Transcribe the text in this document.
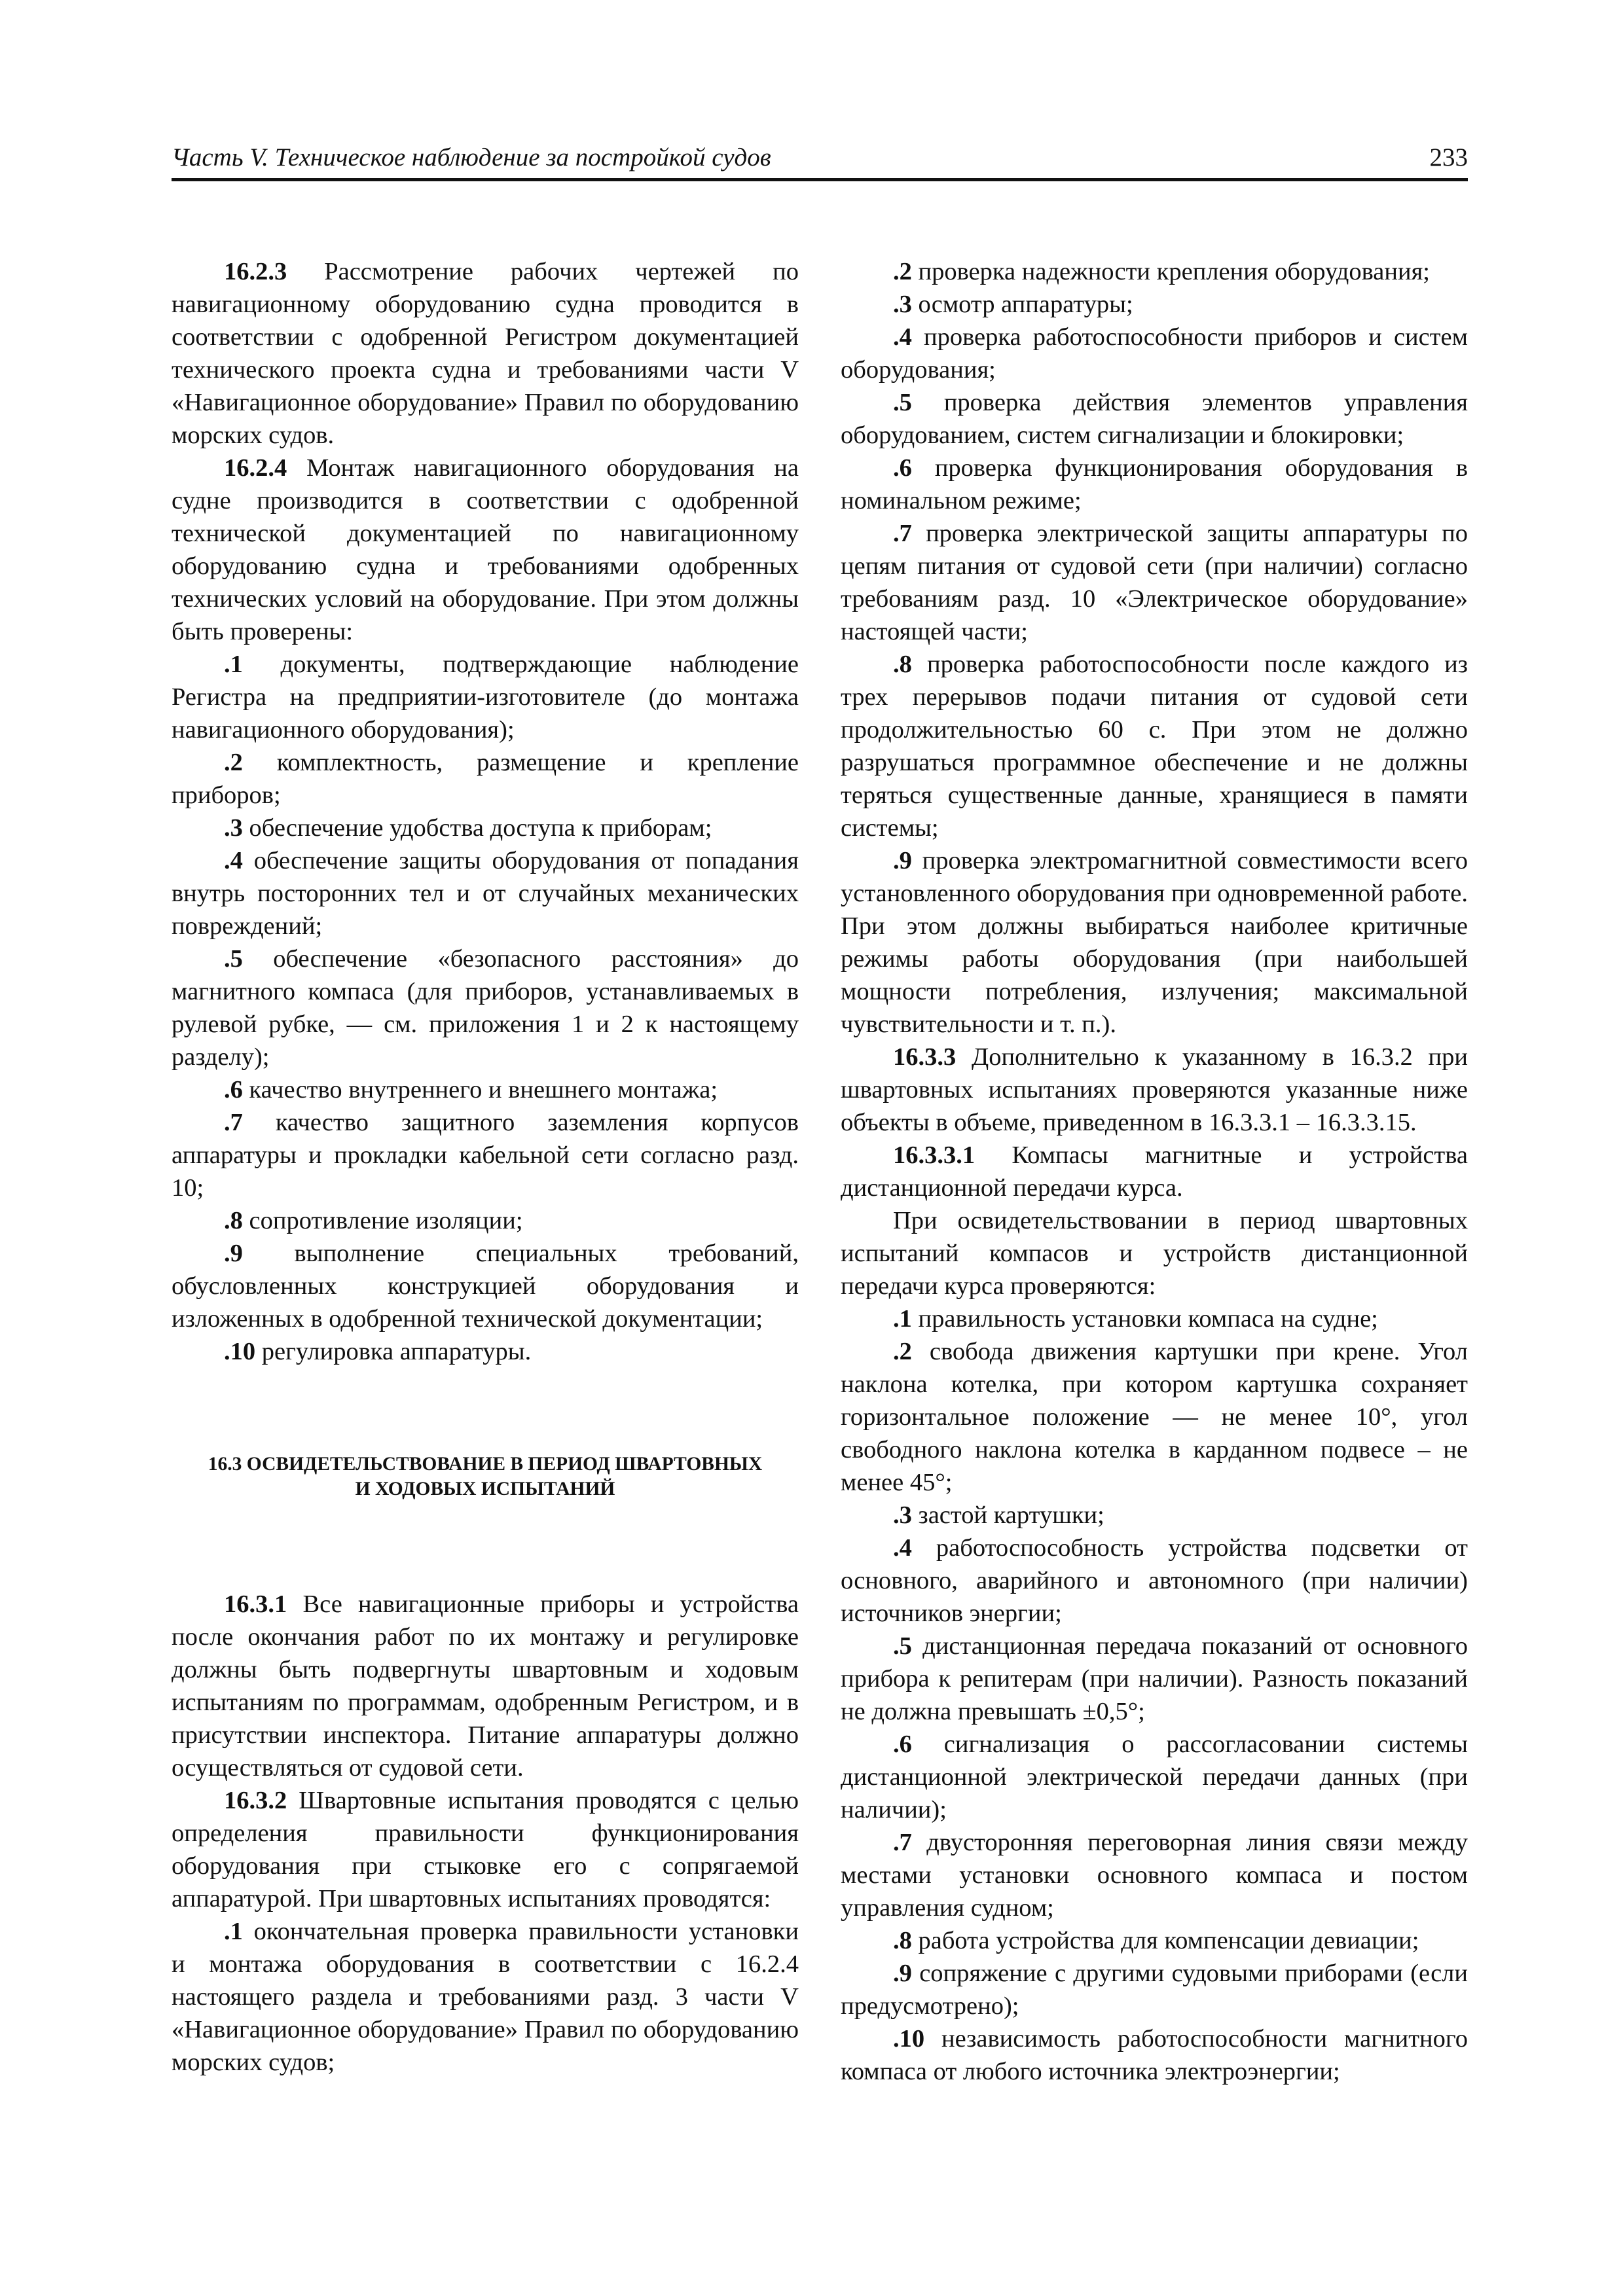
Часть V. Техническое наблюдение за постройкой судов	233

16.2.3 Рассмотрение рабочих чертежей по навигационному оборудованию судна проводится в соответствии с одобренной Регистром документацией технического проекта судна и требованиями части V «Навигационное оборудование» Правил по оборудованию морских судов.

16.2.4 Монтаж навигационного оборудования на судне производится в соответствии с одобренной технической документацией по навигационному оборудованию судна и требованиями одобренных технических условий на оборудование. При этом должны быть проверены:

.1 документы, подтверждающие наблюдение Регистра на предприятии-изготовителе (до монтажа навигационного оборудования);

.2 комплектность, размещение и крепление приборов;

.3 обеспечение удобства доступа к приборам;

.4 обеспечение защиты оборудования от попадания внутрь посторонних тел и от случайных механических повреждений;

.5 обеспечение «безопасного расстояния» до магнитного компаса (для приборов, устанавливаемых в рулевой рубке, — см. приложения 1 и 2 к настоящему разделу);

.6 качество внутреннего и внешнего монтажа;

.7 качество защитного заземления корпусов аппаратуры и прокладки кабельной сети согласно разд. 10;

.8 сопротивление изоляции;

.9 выполнение специальных требований, обусловленных конструкцией оборудования и изложенных в одобренной технической документации;

.10 регулировка аппаратуры.

16.3 ОСВИДЕТЕЛЬСТВОВАНИЕ В ПЕРИОД ШВАРТОВНЫХ
И ХОДОВЫХ ИСПЫТАНИЙ

16.3.1 Все навигационные приборы и устройства после окончания работ по их монтажу и регулировке должны быть подвергнуты швартовным и ходовым испытаниям по программам, одобренным Регистром, и в присутствии инспектора. Питание аппаратуры должно осуществляться от судовой сети.

16.3.2 Швартовные испытания проводятся с целью определения правильности функционирования оборудования при стыковке его с сопрягаемой аппаратурой. При швартовных испытаниях проводятся:

.1 окончательная проверка правильности установки и монтажа оборудования в соответствии с 16.2.4 настоящего раздела и требованиями разд. 3 части V «Навигационное оборудование» Правил по оборудованию морских судов;

.2 проверка надежности крепления оборудования;

.3 осмотр аппаратуры;

.4 проверка работоспособности приборов и систем оборудования;

.5 проверка действия элементов управления оборудованием, систем сигнализации и блокировки;

.6 проверка функционирования оборудования в номинальном режиме;

.7 проверка электрической защиты аппаратуры по цепям питания от судовой сети (при наличии) согласно требованиям разд. 10 «Электрическое оборудование» настоящей части;

.8 проверка работоспособности после каждого из трех перерывов подачи питания от судовой сети продолжительностью 60 с. При этом не должно разрушаться программное обеспечение и не должны теряться существенные данные, хранящиеся в памяти системы;

.9 проверка электромагнитной совместимости всего установленного оборудования при одновременной работе. При этом должны выбираться наиболее критичные режимы работы оборудования (при наибольшей мощности потребления, излучения; максимальной чувствительности и т. п.).

16.3.3 Дополнительно к указанному в 16.3.2 при швартовных испытаниях проверяются указанные ниже объекты в объеме, приведенном в 16.3.3.1 – 16.3.3.15.

16.3.3.1 Компасы магнитные и устройства дистанционной передачи курса.

При освидетельствовании в период швартовных испытаний компасов и устройств дистанционной передачи курса проверяются:

.1 правильность установки компаса на судне;

.2 свобода движения картушки при крене. Угол наклона котелка, при котором картушка сохраняет горизонтальное положение — не менее 10°, угол свободного наклона котелка в карданном подвесе – не менее 45°;

.3 застой картушки;

.4 работоспособность устройства подсветки от основного, аварийного и автономного (при наличии) источников энергии;

.5 дистанционная передача показаний от основного прибора к репитерам (при наличии). Разность показаний не должна превышать ±0,5°;

.6 сигнализация о рассогласовании системы дистанционной электрической передачи данных (при наличии);

.7 двусторонняя переговорная линия связи между местами установки основного компаса и постом управления судном;

.8 работа устройства для компенсации девиации;

.9 сопряжение с другими судовыми приборами (если предусмотрено);

.10 независимость работоспособности магнитного компаса от любого источника электроэнергии;
